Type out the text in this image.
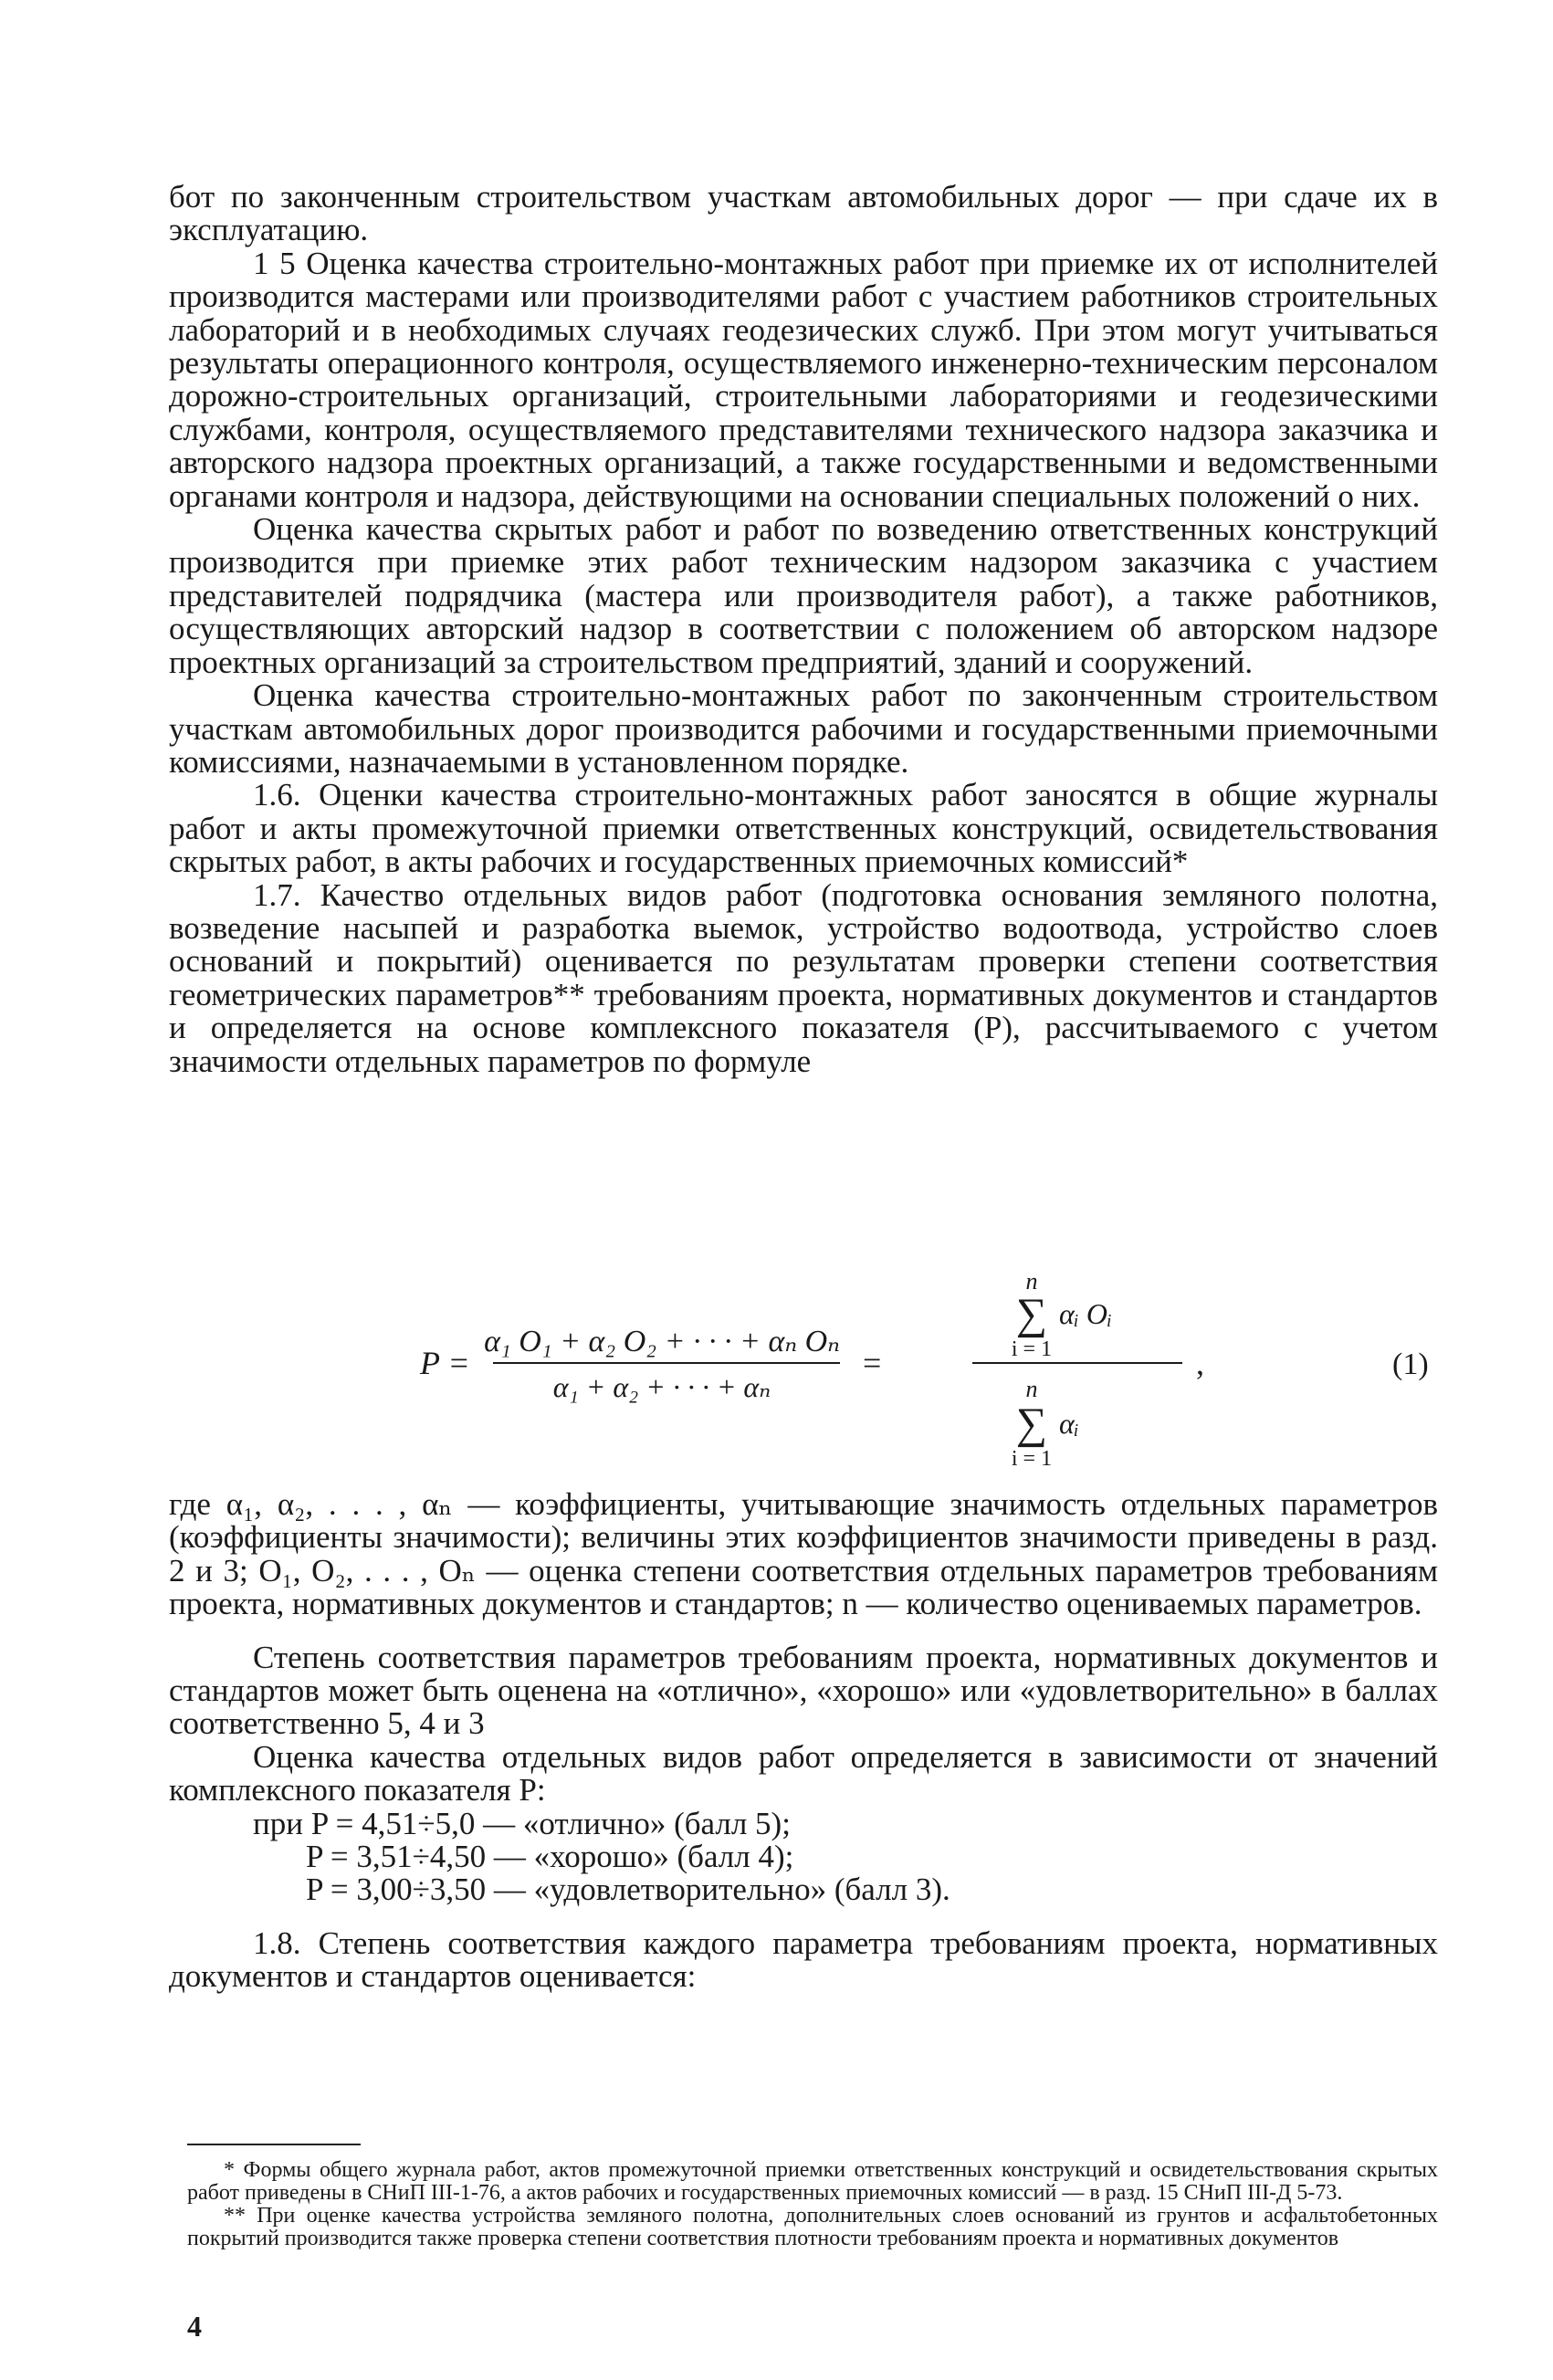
бот по законченным строительством участкам автомобильных дорог — при сдаче их в эксплуатацию.

1 5 Оценка качества строительно-монтажных работ при приемке их от исполнителей производится мастерами или производителями работ с участием работников строительных лабораторий и в необходимых случаях геодезических служб. При этом могут учитываться результаты операционного контроля, осуществляемого инженерно-техническим персоналом дорожно-строительных организаций, строительными лабораториями и геодезическими службами, контроля, осуществляемого представителями технического надзора заказчика и авторского надзора проектных организаций, а также государственными и ведомственными органами контроля и надзора, действующими на основании специальных положений о них.

Оценка качества скрытых работ и работ по возведению ответственных конструкций производится при приемке этих работ техническим надзором заказчика с участием представителей подрядчика (мастера или производителя работ), а также работников, осуществляющих авторский надзор в соответствии с положением об авторском надзоре проектных организаций за строительством предприятий, зданий и сооружений.

Оценка качества строительно-монтажных работ по законченным строительством участкам автомобильных дорог производится рабочими и государственными приемочными комиссиями, назначаемыми в установленном порядке.

1.6. Оценки качества строительно-монтажных работ заносятся в общие журналы работ и акты промежуточной приемки ответственных конструкций, освидетельствования скрытых работ, в акты рабочих и государственных приемочных комиссий*

1.7. Качество отдельных видов работ (подготовка основания земляного полотна, возведение насыпей и разработка выемок, устройство водоотвода, устройство слоев оснований и покрытий) оценивается по результатам проверки степени соответствия геометрических параметров** требованиям проекта, нормативных документов и стандартов и определяется на основе комплексного показателя (P), рассчитываемого с учетом значимости отдельных параметров по формуле

P =
α₁ O₁ + α₂ O₂ + · · · + αₙ Oₙ
α₁ + α₂ + · · · + αₙ
=
n
∑ αᵢ Oᵢ
i = 1
n
∑ αᵢ
i = 1
,	(1)

где α₁, α₂, . . . , αₙ — коэффициенты, учитывающие значимость отдельных параметров (коэффициенты значимости); величины этих коэффициентов значимости приведены в разд. 2 и 3; O₁, O₂, . . . , Oₙ — оценка степени соответствия отдельных параметров требованиям проекта, нормативных документов и стандартов; n — количество оцениваемых параметров.

Степень соответствия параметров требованиям проекта, нормативных документов и стандартов может быть оценена на «отлично», «хорошо» или «удовлетворительно» в баллах соответственно 5, 4 и 3

Оценка качества отдельных видов работ определяется в зависимости от значений комплексного показателя P:

при P = 4,51÷5,0 — «отлично» (балл 5);

P = 3,51÷4,50 — «хорошо» (балл 4);

P = 3,00÷3,50 — «удовлетворительно» (балл 3).

1.8. Степень соответствия каждого параметра требованиям проекта, нормативных документов и стандартов оценивается:

* Формы общего журнала работ, актов промежуточной приемки ответственных конструкций и освидетельствования скрытых работ приведены в СНиП III-1-76, а актов рабочих и государственных приемочных комиссий — в разд. 15 СНиП III-Д 5-73.

** При оценке качества устройства земляного полотна, дополнительных слоев оснований из грунтов и асфальтобетонных покрытий производится также проверка степени соответствия плотности требованиям проекта и нормативных документов

4
